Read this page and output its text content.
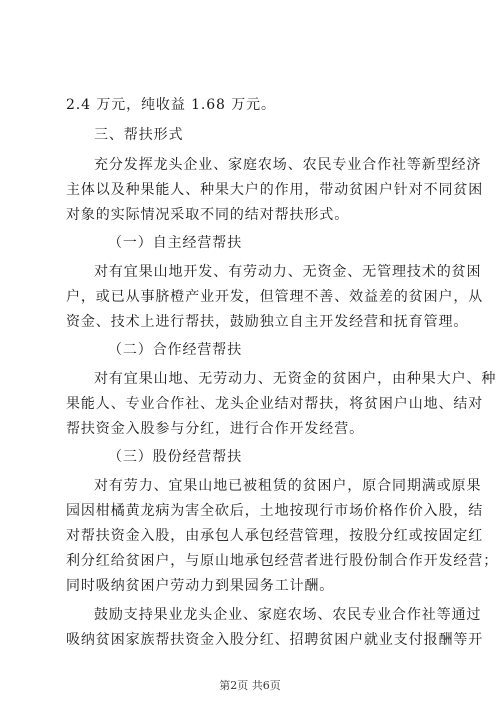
2.4 万元，纯收益 1.68 万元。
三、帮扶形式
充分发挥龙头企业、家庭农场、农民专业合作社等新型经济
主体以及种果能人、种果大户的作用，带动贫困户针对不同贫困
对象的实际情况采取不同的结对帮扶形式。
（一）自主经营帮扶
对有宜果山地开发、有劳动力、无资金、无管理技术的贫困
户，或已从事脐橙产业开发，但管理不善、效益差的贫困户，从
资金、技术上进行帮扶，鼓励独立自主开发经营和抚育管理。
（二）合作经营帮扶
对有宜果山地、无劳动力、无资金的贫困户，由种果大户、种
果能人、专业合作社、龙头企业结对帮扶，将贫困户山地、结对
帮扶资金入股参与分红，进行合作开发经营。
（三）股份经营帮扶
对有劳力、宜果山地已被租赁的贫困户，原合同期满或原果
园因柑橘黄龙病为害全砍后，土地按现行市场价格作价入股，结
对帮扶资金入股，由承包人承包经营管理，按股分红或按固定红
利分红给贫困户，与原山地承包经营者进行股份制合作开发经营；
同时吸纳贫困户劳动力到果园务工计酬。
鼓励支持果业龙头企业、家庭农场、农民专业合作社等通过
吸纳贫困家族帮扶资金入股分红、招聘贫困户就业支付报酬等开
第2页 共6页
